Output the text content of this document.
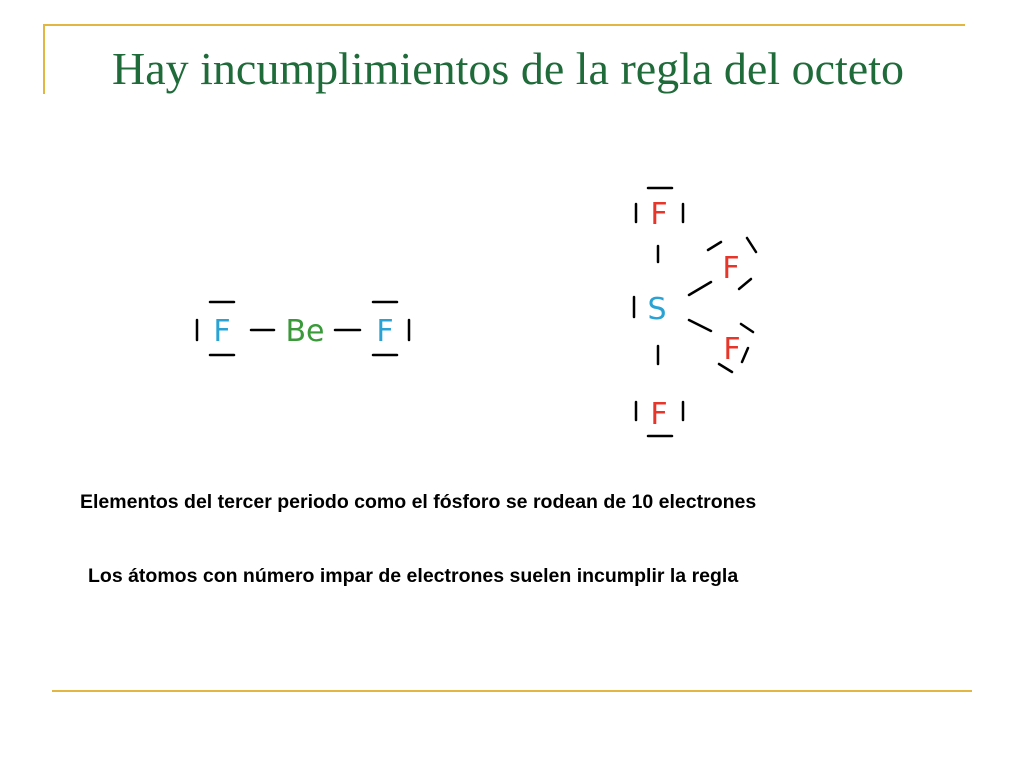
Hay incumplimientos de la regla del octeto
F Be F
F
F
S
F
F

Elementos del tercer periodo como el fósforo se rodean de 10 electrones

Los átomos con número impar de electrones suelen incumplir la regla
